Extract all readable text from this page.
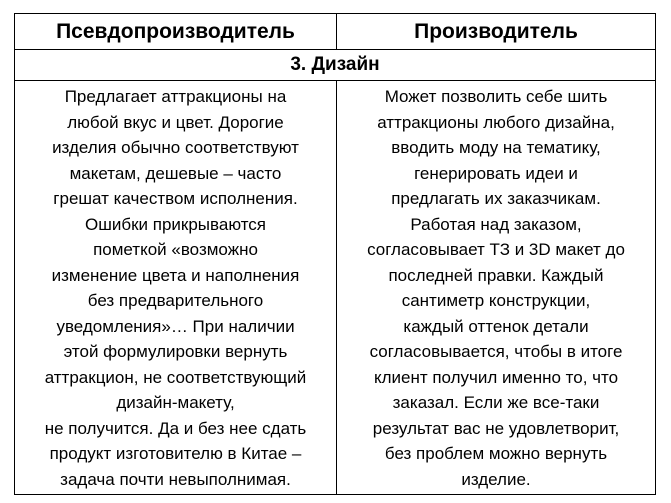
Псевдопроизводитель	Производитель
3. Дизайн
Предлагает аттракционы на
любой вкус и цвет. Дорогие
изделия обычно соответствуют
макетам, дешевые – часто
грешат качеством исполнения.
Ошибки прикрываются
пометкой «возможно
изменение цвета и наполнения
без предварительного
уведомления»… При наличии
этой формулировки вернуть
аттракцион, не соответствующий
дизайн-макету,
не получится. Да и без нее сдать
продукт изготовителю в Китае –
задача почти невыполнимая.
Может позволить себе шить
аттракционы любого дизайна,
вводить моду на тематику,
генерировать идеи и
предлагать их заказчикам.
Работая над заказом,
согласовывает ТЗ и 3D макет до
последней правки. Каждый
сантиметр конструкции,
каждый оттенок детали
согласовывается, чтобы в итоге
клиент получил именно то, что
заказал. Если же все-таки
результат вас не удовлетворит,
без проблем можно вернуть
изделие.
